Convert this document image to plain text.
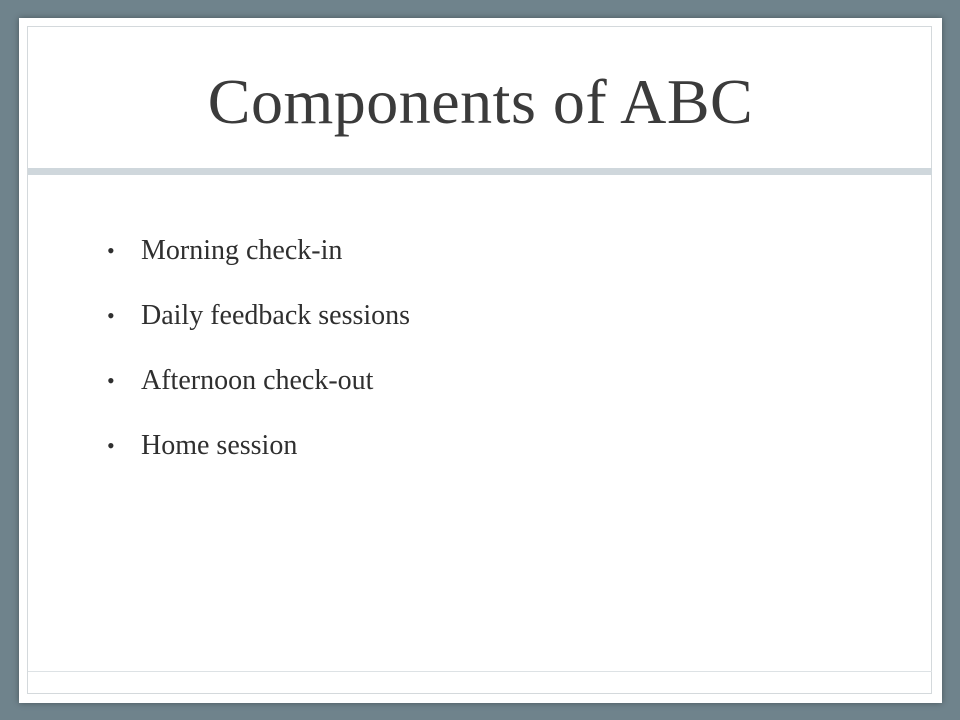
Components of ABC
• Morning check-in
• Daily feedback sessions
• Afternoon check-out
• Home session
